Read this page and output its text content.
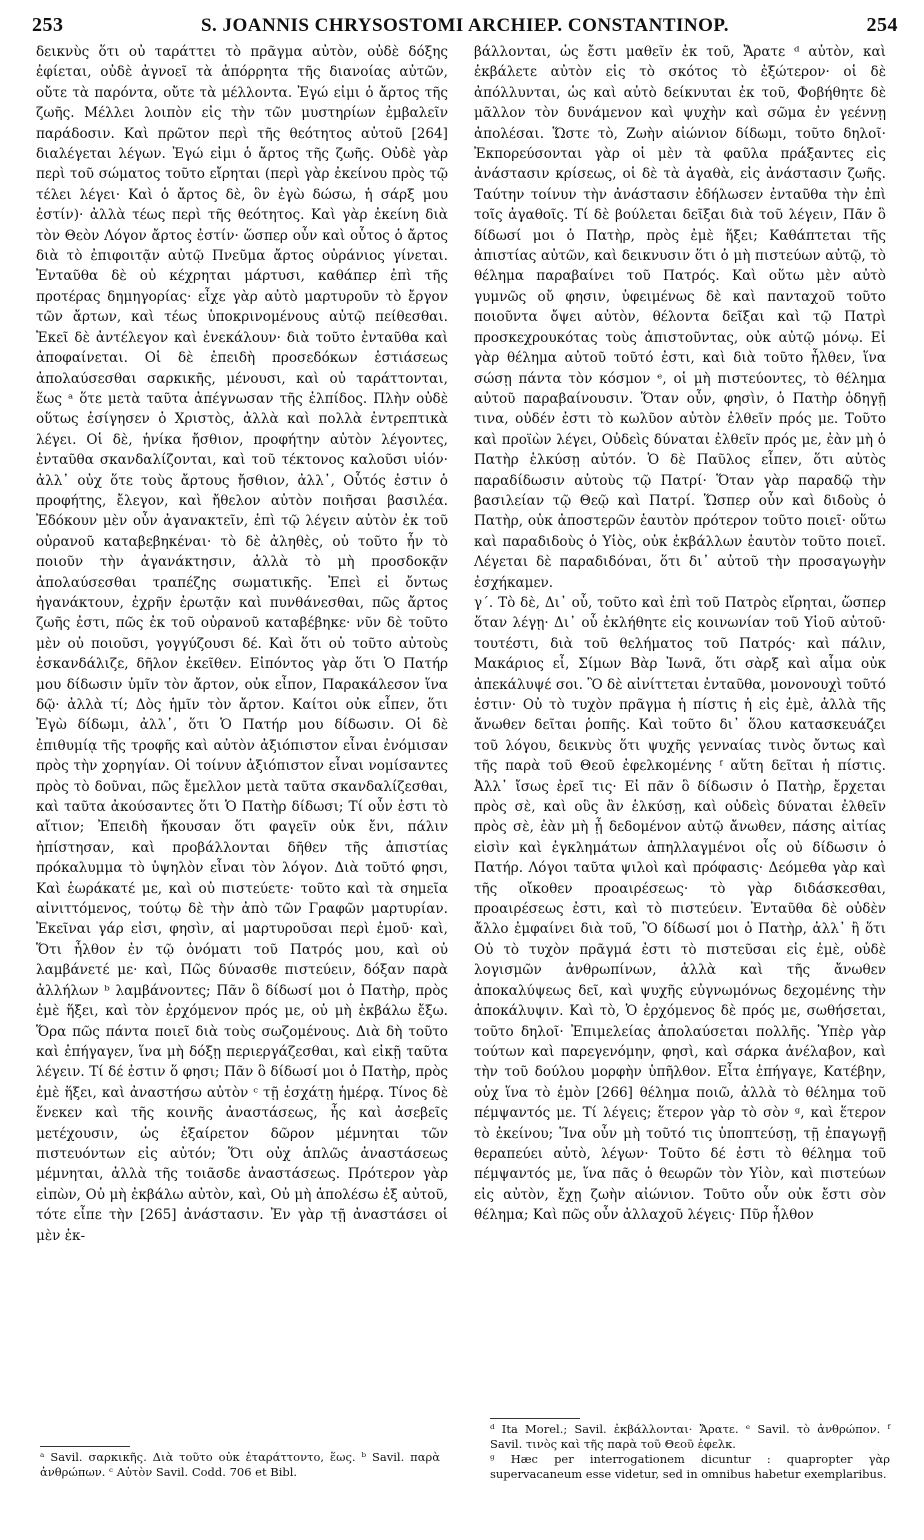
253	S. JOANNIS CHRYSOSTOMI ARCHIEP. CONSTANTINOP.	254

δεικνὺς ὅτι οὐ ταράττει τὸ πρᾶγμα αὐτὸν, οὐδὲ δόξης ἐφίεται, οὐδὲ ἀγνοεῖ τὰ ἀπόρρητα τῆς διανοίας αὐτῶν, οὔτε τὰ παρόντα, οὔτε τὰ μέλλοντα. Ἐγώ εἰμι ὁ ἄρτος τῆς ζωῆς. Μέλλει λοιπὸν εἰς τὴν τῶν μυστηρίων ἐμβαλεῖν παράδοσιν. Καὶ πρῶτον περὶ τῆς θεότητος αὐτοῦ [264] διαλέγεται λέγων. Ἐγώ εἰμι ὁ ἄρτος τῆς ζωῆς. Οὐδὲ γὰρ περὶ τοῦ σώματος τοῦτο εἴρηται (περὶ γὰρ ἐκείνου πρὸς τῷ τέλει λέγει· Καὶ ὁ ἄρτος δὲ, ὃν ἐγὼ δώσω, ἡ σάρξ μου ἐστίν)· ἀλλὰ τέως περὶ τῆς θεότητος. Καὶ γὰρ ἐκείνη διὰ τὸν Θεὸν Λόγον ἄρτος ἐστίν· ὥσπερ οὖν καὶ οὗτος ὁ ἄρτος διὰ τὸ ἐπιφοιτᾷν αὐτῷ Πνεῦμα ἄρτος οὐράνιος γίνεται. Ἐνταῦθα δὲ οὐ κέχρηται μάρτυσι, καθάπερ ἐπὶ τῆς προτέρας δημηγορίας· εἶχε γὰρ αὐτὸ μαρτυροῦν τὸ ἔργον τῶν ἄρτων, καὶ τέως ὑποκρινομένους αὐτῷ πείθεσθαι. Ἐκεῖ δὲ ἀντέλεγον καὶ ἐνεκάλουν· διὰ τοῦτο ἐνταῦθα καὶ ἀποφαίνεται. Οἱ δὲ ἐπειδὴ προσεδόκων ἑστιάσεως ἀπολαύσεσθαι σαρκικῆς, μένουσι, καὶ οὐ ταράττονται, ἕως ᵃ ὅτε μετὰ ταῦτα ἀπέγνωσαν τῆς ἐλπίδος. Πλὴν οὐδὲ οὕτως ἐσίγησεν ὁ Χριστὸς, ἀλλὰ καὶ πολλὰ ἐντρεπτικὰ λέγει. Οἱ δὲ, ἡνίκα ἤσθιον, προφήτην αὐτὸν λέγοντες, ἐνταῦθα σκανδαλίζονται, καὶ τοῦ τέκτονος καλοῦσι υἱόν· ἀλλ᾽ οὐχ ὅτε τοὺς ἄρτους ἤσθιον, ἀλλ᾽, Οὗτός ἐστιν ὁ προφήτης, ἔλεγον, καὶ ἤθελον αὐτὸν ποιῆσαι βασιλέα. Ἐδόκουν μὲν οὖν ἀγανακτεῖν, ἐπὶ τῷ λέγειν αὐτὸν ἐκ τοῦ οὐρανοῦ καταβεβηκέναι· τὸ δὲ ἀληθὲς, οὐ τοῦτο ἦν τὸ ποιοῦν τὴν ἀγανάκτησιν, ἀλλὰ τὸ μὴ προσδοκᾷν ἀπολαύσεσθαι τραπέζης σωματικῆς. Ἐπεὶ εἰ ὄντως ἠγανάκτουν, ἐχρῆν ἐρωτᾷν καὶ πυνθάνεσθαι, πῶς ἄρτος ζωῆς ἐστι, πῶς ἐκ τοῦ οὐρανοῦ καταβέβηκε· νῦν δὲ τοῦτο μὲν οὐ ποιοῦσι, γογγύζουσι δέ. Καὶ ὅτι οὐ τοῦτο αὐτοὺς ἐσκανδάλιζε, δῆλον ἐκεῖθεν. Εἰπόντος γὰρ ὅτι Ὁ Πατήρ μου δίδωσιν ὑμῖν τὸν ἄρτον, οὐκ εἶπον, Παρακάλεσον ἵνα δῷ· ἀλλὰ τί; Δὸς ἡμῖν τὸν ἄρτον. Καίτοι οὐκ εἶπεν, ὅτι Ἐγὼ δίδωμι, ἀλλ᾽, ὅτι Ὁ Πατήρ μου δίδωσιν. Οἱ δὲ ἐπιθυμίᾳ τῆς τροφῆς καὶ αὐτὸν ἀξιόπιστον εἶναι ἐνόμισαν πρὸς τὴν χορηγίαν. Οἱ τοίνυν ἀξιόπιστον εἶναι νομίσαντες πρὸς τὸ δοῦναι, πῶς ἔμελλον μετὰ ταῦτα σκανδαλίζεσθαι, καὶ ταῦτα ἀκούσαντες ὅτι Ὁ Πατὴρ δίδωσι; Τί οὖν ἐστι τὸ αἴτιον; Ἐπειδὴ ἤκουσαν ὅτι φαγεῖν οὐκ ἔνι, πάλιν ἠπίστησαν, καὶ προβάλλονται δῆθεν τῆς ἀπιστίας πρόκαλυμμα τὸ ὑψηλὸν εἶναι τὸν λόγον. Διὰ τοῦτό φησι, Καὶ ἑωράκατέ με, καὶ οὐ πιστεύετε· τοῦτο καὶ τὰ σημεῖα αἰνιττόμενος, τούτῳ δὲ τὴν ἀπὸ τῶν Γραφῶν μαρτυρίαν. Ἐκεῖναι γάρ εἰσι, φησὶν, αἱ μαρτυροῦσαι περὶ ἐμοῦ· καὶ, Ὅτι ἦλθον ἐν τῷ ὀνόματι τοῦ Πατρός μου, καὶ οὐ λαμβάνετέ με· καὶ, Πῶς δύνασθε πιστεύειν, δόξαν παρὰ ἀλλήλων ᵇ λαμβάνοντες; Πᾶν ὃ δίδωσί μοι ὁ Πατὴρ, πρὸς ἐμὲ ἥξει, καὶ τὸν ἐρχόμενον πρός με, οὐ μὴ ἐκβάλω ἔξω. Ὅρα πῶς πάντα ποιεῖ διὰ τοὺς σωζομένους. Διὰ δὴ τοῦτο καὶ ἐπήγαγεν, ἵνα μὴ δόξῃ περιεργάζεσθαι, καὶ εἰκῇ ταῦτα λέγειν. Τί δέ ἐστιν ὅ φησι; Πᾶν ὃ δίδωσί μοι ὁ Πατὴρ, πρὸς ἐμὲ ἥξει, καὶ ἀναστήσω αὐτὸν ᶜ τῇ ἐσχάτῃ ἡμέρᾳ. Τίνος δὲ ἕνεκεν καὶ τῆς κοινῆς ἀναστάσεως, ἧς καὶ ἀσεβεῖς μετέχουσιν, ὡς ἐξαίρετον δῶρον μέμνηται τῶν πιστευόντων εἰς αὐτόν; Ὅτι οὐχ ἁπλῶς ἀναστάσεως μέμνηται, ἀλλὰ τῆς τοιᾶσδε ἀναστάσεως. Πρότερον γὰρ εἰπὼν, Οὐ μὴ ἐκβάλω αὐτὸν, καὶ, Οὐ μὴ ἀπολέσω ἐξ αὐτοῦ, τότε εἶπε τὴν [265] ἀνάστασιν. Ἐν γὰρ τῇ ἀναστάσει οἱ μὲν ἐκ-

βάλλονται, ὡς ἔστι μαθεῖν ἐκ τοῦ, Ἄρατε ᵈ αὐτὸν, καὶ ἐκβάλετε αὐτὸν εἰς τὸ σκότος τὸ ἐξώτερον· οἱ δὲ ἀπόλλυνται, ὡς καὶ αὐτὸ δείκνυται ἐκ τοῦ, Φοβήθητε δὲ μᾶλλον τὸν δυνάμενον καὶ ψυχὴν καὶ σῶμα ἐν γεέννῃ ἀπολέσαι. Ὥστε τὸ, Ζωὴν αἰώνιον δίδωμι, τοῦτο δηλοῖ· Ἐκπορεύσονται γὰρ οἱ μὲν τὰ φαῦλα πράξαντες εἰς ἀνάστασιν κρίσεως, οἱ δὲ τὰ ἀγαθὰ, εἰς ἀνάστασιν ζωῆς. Ταύτην τοίνυν τὴν ἀνάστασιν ἐδήλωσεν ἐνταῦθα τὴν ἐπὶ τοῖς ἀγαθοῖς. Τί δὲ βούλεται δεῖξαι διὰ τοῦ λέγειν, Πᾶν ὃ δίδωσί μοι ὁ Πατὴρ, πρὸς ἐμὲ ἥξει; Καθάπτεται τῆς ἀπιστίας αὐτῶν, καὶ δεικνυσιν ὅτι ὁ μὴ πιστεύων αὐτῷ, τὸ θέλημα παραβαίνει τοῦ Πατρός. Καὶ οὕτω μὲν αὐτὸ γυμνῶς οὔ φησιν, ὑφειμένως δὲ καὶ πανταχοῦ τοῦτο ποιοῦντα ὄψει αὐτὸν, θέλοντα δεῖξαι καὶ τῷ Πατρὶ προσκεχρουκότας τοὺς ἀπιστοῦντας, οὐκ αὐτῷ μόνῳ. Εἰ γὰρ θέλημα αὐτοῦ τοῦτό ἐστι, καὶ διὰ τοῦτο ἦλθεν, ἵνα σώσῃ πάντα τὸν κόσμον ᵉ, οἱ μὴ πιστεύοντες, τὸ θέλημα αὐτοῦ παραβαίνουσιν. Ὅταν οὖν, φησὶν, ὁ Πατὴρ ὁδηγῇ τινα, οὐδέν ἐστι τὸ κωλῦον αὐτὸν ἐλθεῖν πρός με. Τοῦτο καὶ προϊὼν λέγει, Οὐδεὶς δύναται ἐλθεῖν πρός με, ἐὰν μὴ ὁ Πατὴρ ἑλκύσῃ αὐτόν. Ὁ δὲ Παῦλος εἶπεν, ὅτι αὐτὸς παραδίδωσιν αὐτοὺς τῷ Πατρί· Ὅταν γὰρ παραδῷ τὴν βασιλείαν τῷ Θεῷ καὶ Πατρί. Ὥσπερ οὖν καὶ διδοὺς ὁ Πατὴρ, οὐκ ἀποστερῶν ἑαυτὸν πρότερον τοῦτο ποιεῖ· οὕτω καὶ παραδιδοὺς ὁ Υἱὸς, οὐκ ἐκβάλλων ἑαυτὸν τοῦτο ποιεῖ. Λέγεται δὲ παραδιδόναι, ὅτι δι᾽ αὐτοῦ τὴν προσαγωγὴν ἐσχήκαμεν.

γ΄. Τὸ δὲ, Δι᾽ οὗ, τοῦτο καὶ ἐπὶ τοῦ Πατρὸς εἴρηται, ὥσπερ ὅταν λέγῃ· Δι᾽ οὗ ἐκλήθητε εἰς κοινωνίαν τοῦ Υἱοῦ αὐτοῦ· τουτέστι, διὰ τοῦ θελήματος τοῦ Πατρός· καὶ πάλιν, Μακάριος εἶ, Σίμων Βὰρ Ἰωνᾶ, ὅτι σὰρξ καὶ αἷμα οὐκ ἀπεκάλυψέ σοι. Ὃ δὲ αἰνίττεται ἐνταῦθα, μονονουχὶ τοῦτό ἐστιν· Οὐ τὸ τυχὸν πρᾶγμα ἡ πίστις ἡ εἰς ἐμὲ, ἀλλὰ τῆς ἄνωθεν δεῖται ῥοπῆς. Καὶ τοῦτο δι᾽ ὅλου κατασκευάζει τοῦ λόγου, δεικνὺς ὅτι ψυχῆς γενναίας τινὸς ὄντως καὶ τῆς παρὰ τοῦ Θεοῦ ἐφελκομένης ᶠ αὕτη δεῖται ἡ πίστις. Ἀλλ᾽ ἴσως ἐρεῖ τις· Εἰ πᾶν ὃ δίδωσιν ὁ Πατὴρ, ἔρχεται πρὸς σὲ, καὶ οὓς ἂν ἑλκύσῃ, καὶ οὐδεὶς δύναται ἐλθεῖν πρὸς σὲ, ἐὰν μὴ ᾖ δεδομένον αὐτῷ ἄνωθεν, πάσης αἰτίας εἰσὶν καὶ ἐγκλημάτων ἀπηλλαγμένοι οἷς οὐ δίδωσιν ὁ Πατήρ. Λόγοι ταῦτα ψιλοὶ καὶ πρόφασις· Δεόμεθα γὰρ καὶ τῆς οἴκοθεν προαιρέσεως· τὸ γὰρ διδάσκεσθαι, προαιρέσεως ἐστι, καὶ τὸ πιστεύειν. Ἐνταῦθα δὲ οὐδὲν ἄλλο ἐμφαίνει διὰ τοῦ, Ὃ δίδωσί μοι ὁ Πατὴρ, ἀλλ᾽ ἢ ὅτι Οὐ τὸ τυχὸν πρᾶγμά ἐστι τὸ πιστεῦσαι εἰς ἐμὲ, οὐδὲ λογισμῶν ἀνθρωπίνων, ἀλλὰ καὶ τῆς ἄνωθεν ἀποκαλύψεως δεῖ, καὶ ψυχῆς εὐγνωμόνως δεχομένης τὴν ἀποκάλυψιν. Καὶ τὸ, Ὁ ἐρχόμενος δὲ πρός με, σωθήσεται, τοῦτο δηλοῖ· Ἐπιμελείας ἀπολαύσεται πολλῆς. Ὑπὲρ γὰρ τούτων καὶ παρεγενόμην, φησὶ, καὶ σάρκα ἀνέλαβον, καὶ τὴν τοῦ δούλου μορφὴν ὑπῆλθον. Εἶτα ἐπήγαγε, Κατέβην, οὐχ ἵνα τὸ ἐμὸν [266] θέλημα ποιῶ, ἀλλὰ τὸ θέλημα τοῦ πέμψαντός με. Τί λέγεις; ἕτερον γὰρ τὸ σὸν ᵍ, καὶ ἕτερον τὸ ἐκείνου; Ἵνα οὖν μὴ τοῦτό τις ὑποπτεύσῃ, τῇ ἐπαγωγῇ θεραπεύει αὐτὸ, λέγων· Τοῦτο δέ ἐστι τὸ θέλημα τοῦ πέμψαντός με, ἵνα πᾶς ὁ θεωρῶν τὸν Υἱὸν, καὶ πιστεύων εἰς αὐτὸν, ἔχῃ ζωὴν αἰώνιον. Τοῦτο οὖν οὐκ ἔστι σὸν θέλημα; Καὶ πῶς οὖν ἀλλαχοῦ λέγεις· Πῦρ ἦλθον

ᵃ Savil. σαρκικῆς. Διὰ τοῦτο οὐκ ἐταράττοντο, ἕως. ᵇ Savil. παρὰ ἀνθρώπων. ᶜ Αὐτὸν Savil. Codd. 706 et Bibl.

ᵈ Ita Morel.; Savil. ἐκβάλλονται· Ἄρατε. ᵉ Savil. τὸ ἀνθρώπον. ᶠ Savil. τινὸς καὶ τῆς παρὰ τοῦ Θεοῦ ἐφελκ.

ᵍ Hæc per interrogationem dicuntur : quapropter γὰρ supervacaneum esse videtur, sed in omnibus habetur exemplaribus.
